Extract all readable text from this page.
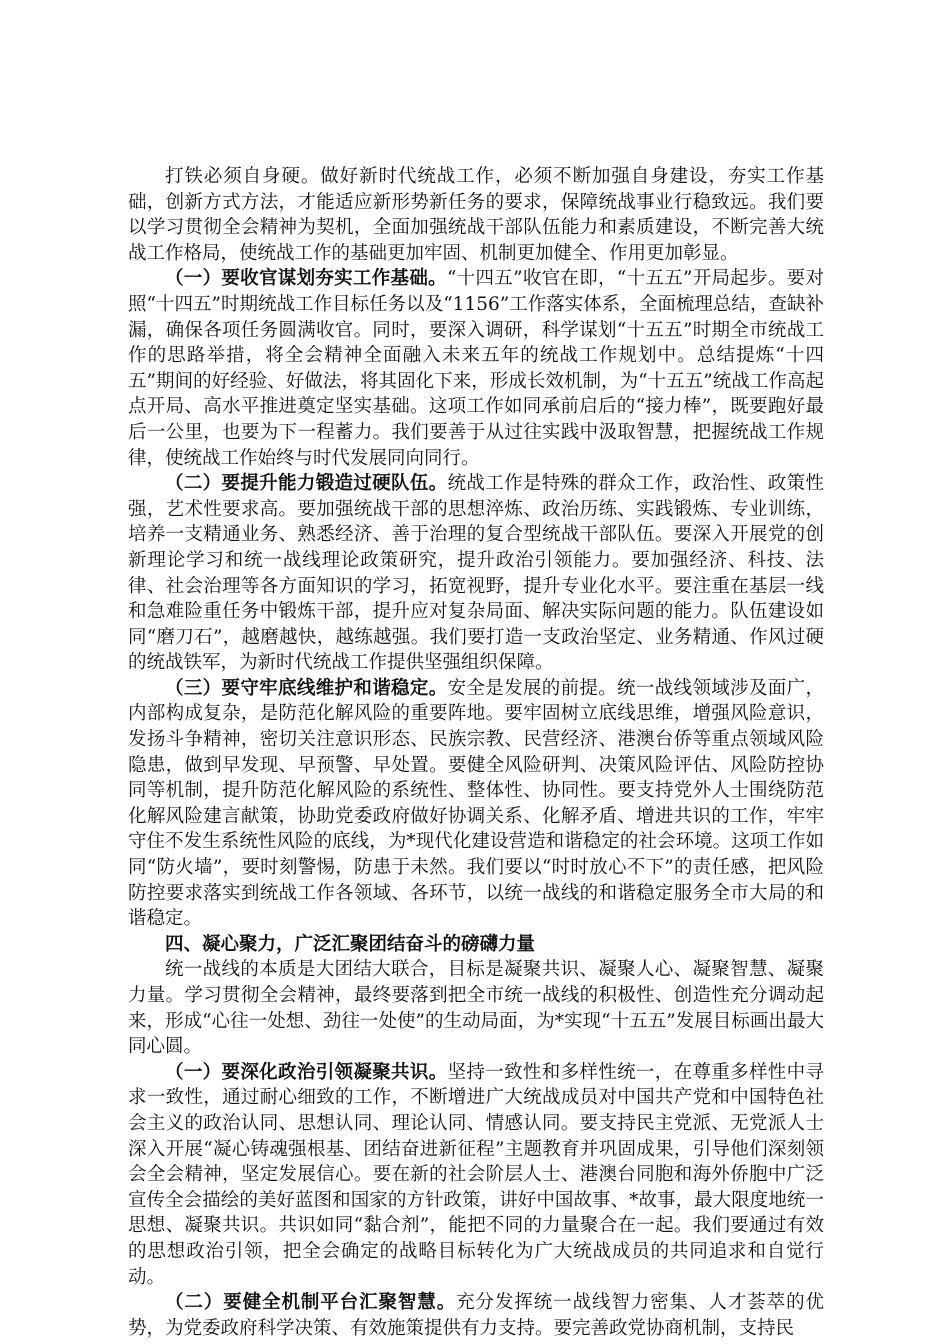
打铁必须自身硬。做好新时代统战工作，必须不断加强自身建设，夯实工作基础，创新方式方法，才能适应新形势新任务的要求，保障统战事业行稳致远。我们要以学习贯彻全会精神为契机，全面加强统战干部队伍能力和素质建设，不断完善大统战工作格局，使统战工作的基础更加牢固、机制更加健全、作用更加彰显。

（一）要收官谋划夯实工作基础。“十四五”收官在即，“十五五”开局起步。要对照“十四五”时期统战工作目标任务以及“1156”工作落实体系，全面梳理总结，查缺补漏，确保各项任务圆满收官。同时，要深入调研，科学谋划“十五五”时期全市统战工作的思路举措，将全会精神全面融入未来五年的统战工作规划中。总结提炼“十四五”期间的好经验、好做法，将其固化下来，形成长效机制，为“十五五”统战工作高起点开局、高水平推进奠定坚实基础。这项工作如同承前启后的“接力棒”，既要跑好最后一公里，也要为下一程蓄力。我们要善于从过往实践中汲取智慧，把握统战工作规律，使统战工作始终与时代发展同向同行。

（二）要提升能力锻造过硬队伍。统战工作是特殊的群众工作，政治性、政策性强，艺术性要求高。要加强统战干部的思想淬炼、政治历练、实践锻炼、专业训练，培养一支精通业务、熟悉经济、善于治理的复合型统战干部队伍。要深入开展党的创新理论学习和统一战线理论政策研究，提升政治引领能力。要加强经济、科技、法律、社会治理等各方面知识的学习，拓宽视野，提升专业化水平。要注重在基层一线和急难险重任务中锻炼干部，提升应对复杂局面、解决实际问题的能力。队伍建设如同“磨刀石”，越磨越快，越练越强。我们要打造一支政治坚定、业务精通、作风过硬的统战铁军，为新时代统战工作提供坚强组织保障。

（三）要守牢底线维护和谐稳定。安全是发展的前提。统一战线领域涉及面广，内部构成复杂，是防范化解风险的重要阵地。要牢固树立底线思维，增强风险意识，发扬斗争精神，密切关注意识形态、民族宗教、民营经济、港澳台侨等重点领域风险隐患，做到早发现、早预警、早处置。要健全风险研判、决策风险评估、风险防控协同等机制，提升防范化解风险的系统性、整体性、协同性。要支持党外人士围绕防范化解风险建言献策，协助党委政府做好协调关系、化解矛盾、增进共识的工作，牢牢守住不发生系统性风险的底线，为*现代化建设营造和谐稳定的社会环境。这项工作如同“防火墙”，要时刻警惕，防患于未然。我们要以“时时放心不下”的责任感，把风险防控要求落实到统战工作各领域、各环节，以统一战线的和谐稳定服务全市大局的和谐稳定。

四、凝心聚力，广泛汇聚团结奋斗的磅礴力量

统一战线的本质是大团结大联合，目标是凝聚共识、凝聚人心、凝聚智慧、凝聚力量。学习贯彻全会精神，最终要落到把全市统一战线的积极性、创造性充分调动起来，形成“心往一处想、劲往一处使”的生动局面，为*实现“十五五”发展目标画出最大同心圆。

（一）要深化政治引领凝聚共识。坚持一致性和多样性统一，在尊重多样性中寻求一致性，通过耐心细致的工作，不断增进广大统战成员对中国共产党和中国特色社会主义的政治认同、思想认同、理论认同、情感认同。要支持民主党派、无党派人士深入开展“凝心铸魂强根基、团结奋进新征程”主题教育并巩固成果，引导他们深刻领会全会精神，坚定发展信心。要在新的社会阶层人士、港澳台同胞和海外侨胞中广泛宣传全会描绘的美好蓝图和国家的方针政策，讲好中国故事、*故事，最大限度地统一思想、凝聚共识。共识如同“黏合剂”，能把不同的力量聚合在一起。我们要通过有效的思想政治引领，把全会确定的战略目标转化为广大统战成员的共同追求和自觉行动。

（二）要健全机制平台汇聚智慧。充分发挥统一战线智力密集、人才荟萃的优势，为党委政府科学决策、有效施策提供有力支持。要完善政党协商机制，支持民
